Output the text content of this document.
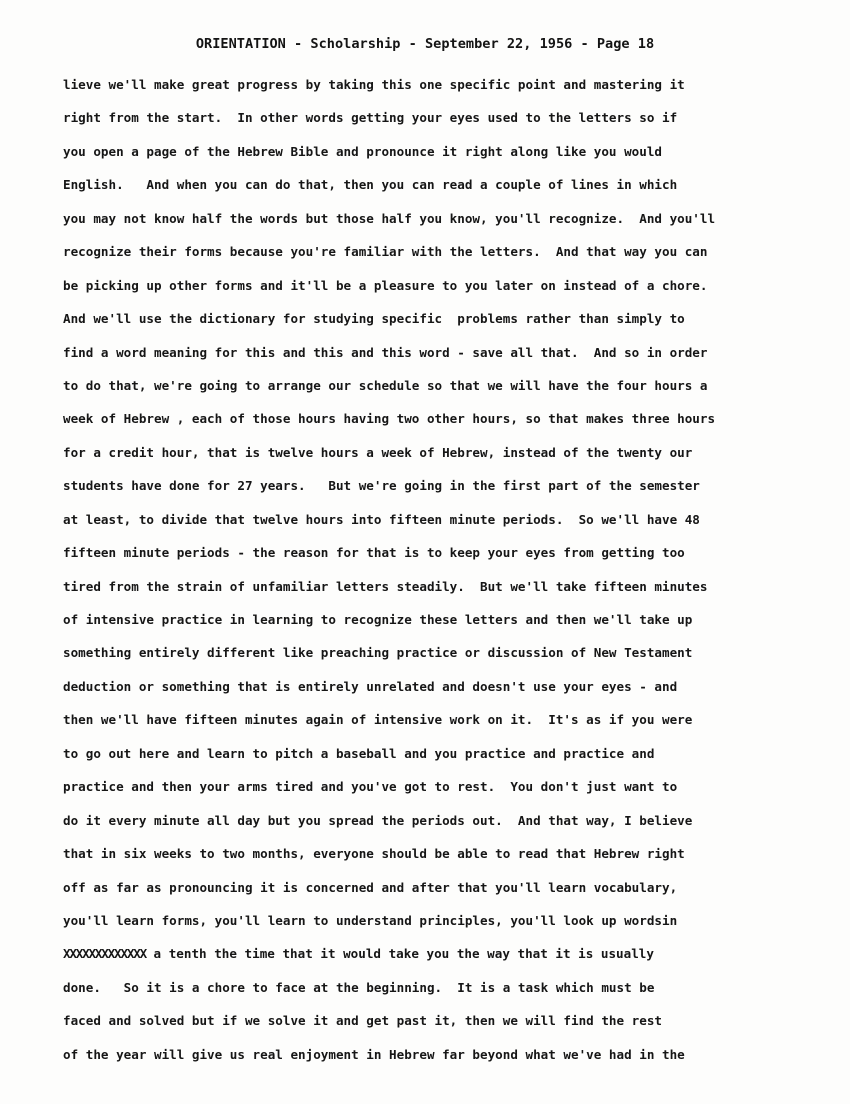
ORIENTATION - Scholarship - September 22, 1956 - Page 18
lieve we'll make great progress by taking this one specific point and mastering it
right from the start.  In other words getting your eyes used to the letters so if
you open a page of the Hebrew Bible and pronounce it right along like you would
English.   And when you can do that, then you can read a couple of lines in which
you may not know half the words but those half you know, you'll recognize.  And you'll
recognize their forms because you're familiar with the letters.  And that way you can
be picking up other forms and it'll be a pleasure to you later on instead of a chore.
And we'll use the dictionary for studying specific  problems rather than simply to
find a word meaning for this and this and this word - save all that.  And so in order
to do that, we're going to arrange our schedule so that we will have the four hours a
week of Hebrew , each of those hours having two other hours, so that makes three hours
for a credit hour, that is twelve hours a week of Hebrew, instead of the twenty our
students have done for 27 years.   But we're going in the first part of the semester
at least, to divide that twelve hours into fifteen minute periods.  So we'll have 48
fifteen minute periods - the reason for that is to keep your eyes from getting too
tired from the strain of unfamiliar letters steadily.  But we'll take fifteen minutes
of intensive practice in learning to recognize these letters and then we'll take up
something entirely different like preaching practice or discussion of New Testament
deduction or something that is entirely unrelated and doesn't use your eyes - and
then we'll have fifteen minutes again of intensive work on it.  It's as if you were
to go out here and learn to pitch a baseball and you practice and practice and
practice and then your arms tired and you've got to rest.  You don't just want to
do it every minute all day but you spread the periods out.  And that way, I believe
that in six weeks to two months, everyone should be able to read that Hebrew right
off as far as pronouncing it is concerned and after that you'll learn vocabulary,
you'll learn forms, you'll learn to understand principles, you'll look up wordsin
XXXXXXXXXXXXX a tenth the time that it would take you the way that it is usually
done.   So it is a chore to face at the beginning.  It is a task which must be
faced and solved but if we solve it and get past it, then we will find the rest
of the year will give us real enjoyment in Hebrew far beyond what we've had in the
